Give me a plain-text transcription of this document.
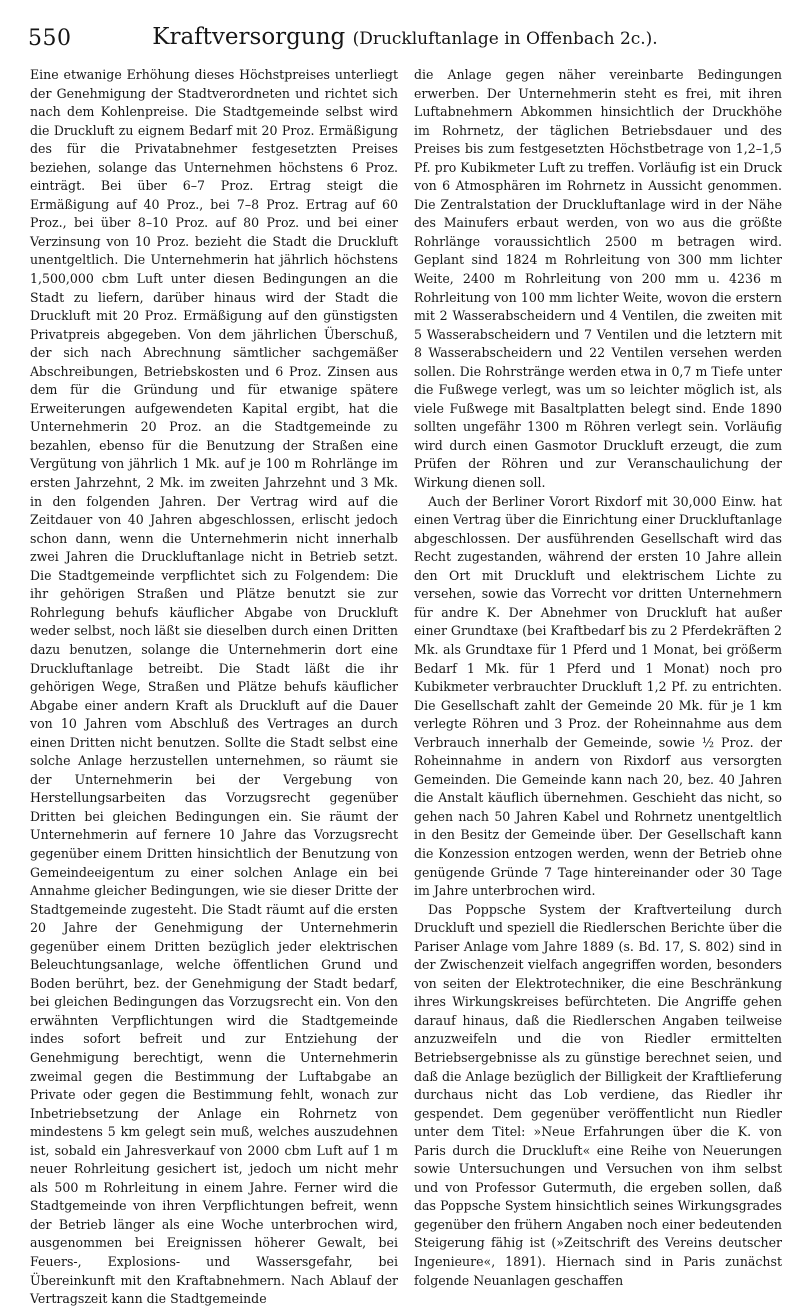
550	Kraftversorgung (Druckluftanlage in Offenbach 2c.).

Eine etwanige Erhöhung dieses Höchstpreises unterliegt der Genehmigung der Stadtverordneten und richtet sich nach dem Kohlenpreise. Die Stadtgemeinde selbst wird die Druckluft zu eignem Bedarf mit 20 Proz. Ermäßigung des für die Privatabnehmer festgesetzten Preises beziehen, solange das Unternehmen höchstens 6 Proz. einträgt. Bei über 6–7 Proz. Ertrag steigt die Ermäßigung auf 40 Proz., bei 7–8 Proz. Ertrag auf 60 Proz., bei über 8–10 Proz. auf 80 Proz. und bei einer Verzinsung von 10 Proz. bezieht die Stadt die Druckluft unentgeltlich. Die Unternehmerin hat jährlich höchstens 1,500,000 cbm Luft unter diesen Bedingungen an die Stadt zu liefern, darüber hinaus wird der Stadt die Druckluft mit 20 Proz. Ermäßigung auf den günstigsten Privatpreis abgegeben. Von dem jährlichen Überschuß, der sich nach Abrechnung sämtlicher sachgemäßer Abschreibungen, Betriebskosten und 6 Proz. Zinsen aus dem für die Gründung und für etwanige spätere Erweiterungen aufgewendeten Kapital ergibt, hat die Unternehmerin 20 Proz. an die Stadtgemeinde zu bezahlen, ebenso für die Benutzung der Straßen eine Vergütung von jährlich 1 Mk. auf je 100 m Rohrlänge im ersten Jahrzehnt, 2 Mk. im zweiten Jahrzehnt und 3 Mk. in den folgenden Jahren. Der Vertrag wird auf die Zeitdauer von 40 Jahren abgeschlossen, erlischt jedoch schon dann, wenn die Unternehmerin nicht innerhalb zwei Jahren die Druckluftanlage nicht in Betrieb setzt. Die Stadtgemeinde verpflichtet sich zu Folgendem: Die ihr gehörigen Straßen und Plätze benutzt sie zur Rohrlegung behufs käuflicher Abgabe von Druckluft weder selbst, noch läßt sie dieselben durch einen Dritten dazu benutzen, solange die Unternehmerin dort eine Druckluftanlage betreibt. Die Stadt läßt die ihr gehörigen Wege, Straßen und Plätze behufs käuflicher Abgabe einer andern Kraft als Druckluft auf die Dauer von 10 Jahren vom Abschluß des Vertrages an durch einen Dritten nicht benutzen. Sollte die Stadt selbst eine solche Anlage herzustellen unternehmen, so räumt sie der Unternehmerin bei der Vergebung von Herstellungsarbeiten das Vorzugsrecht gegenüber Dritten bei gleichen Bedingungen ein. Sie räumt der Unternehmerin auf fernere 10 Jahre das Vorzugsrecht gegenüber einem Dritten hinsichtlich der Benutzung von Gemeindeeigentum zu einer solchen Anlage ein bei Annahme gleicher Bedingungen, wie sie dieser Dritte der Stadtgemeinde zugesteht. Die Stadt räumt auf die ersten 20 Jahre der Genehmigung der Unternehmerin gegenüber einem Dritten bezüglich jeder elektrischen Beleuchtungsanlage, welche öffentlichen Grund und Boden berührt, bez. der Genehmigung der Stadt bedarf, bei gleichen Bedingungen das Vorzugsrecht ein. Von den erwähnten Verpflichtungen wird die Stadtgemeinde indes sofort befreit und zur Entziehung der Genehmigung berechtigt, wenn die Unternehmerin zweimal gegen die Bestimmung der Luftabgabe an Private oder gegen die Bestimmung fehlt, wonach zur Inbetriebsetzung der Anlage ein Rohrnetz von mindestens 5 km gelegt sein muß, welches auszudehnen ist, sobald ein Jahresverkauf von 2000 cbm Luft auf 1 m neuer Rohrleitung gesichert ist, jedoch um nicht mehr als 500 m Rohrleitung in einem Jahre. Ferner wird die Stadtgemeinde von ihren Verpflichtungen befreit, wenn der Betrieb länger als eine Woche unterbrochen wird, ausgenommen bei Ereignissen höherer Gewalt, bei Feuers-, Explosions- und Wassersgefahr, bei Übereinkunft mit den Kraftabnehmern. Nach Ablauf der Vertragszeit kann die Stadtgemeinde

die Anlage gegen näher vereinbarte Bedingungen erwerben. Der Unternehmerin steht es frei, mit ihren Luftabnehmern Abkommen hinsichtlich der Druckhöhe im Rohrnetz, der täglichen Betriebsdauer und des Preises bis zum festgesetzten Höchstbetrage von 1,2–1,5 Pf. pro Kubikmeter Luft zu treffen. Vorläufig ist ein Druck von 6 Atmosphären im Rohrnetz in Aussicht genommen. Die Zentralstation der Druckluftanlage wird in der Nähe des Mainufers erbaut werden, von wo aus die größte Rohrlänge voraussichtlich 2500 m betragen wird. Geplant sind 1824 m Rohrleitung von 300 mm lichter Weite, 2400 m Rohrleitung von 200 mm u. 4236 m Rohrleitung von 100 mm lichter Weite, wovon die erstern mit 2 Wasserabscheidern und 4 Ventilen, die zweiten mit 5 Wasserabscheidern und 7 Ventilen und die letztern mit 8 Wasserabscheidern und 22 Ventilen versehen werden sollen. Die Rohrstränge werden etwa in 0,7 m Tiefe unter die Fußwege verlegt, was um so leichter möglich ist, als viele Fußwege mit Basaltplatten belegt sind. Ende 1890 sollten ungefähr 1300 m Röhren verlegt sein. Vorläufig wird durch einen Gasmotor Druckluft erzeugt, die zum Prüfen der Röhren und zur Veranschaulichung der Wirkung dienen soll.

Auch der Berliner Vorort Rixdorf mit 30,000 Einw. hat einen Vertrag über die Einrichtung einer Druckluftanlage abgeschlossen. Der ausführenden Gesellschaft wird das Recht zugestanden, während der ersten 10 Jahre allein den Ort mit Druckluft und elektrischem Lichte zu versehen, sowie das Vorrecht vor dritten Unternehmern für andre K. Der Abnehmer von Druckluft hat außer einer Grundtaxe (bei Kraftbedarf bis zu 2 Pferdekräften 2 Mk. als Grundtaxe für 1 Pferd und 1 Monat, bei größerm Bedarf 1 Mk. für 1 Pferd und 1 Monat) noch pro Kubikmeter verbrauchter Druckluft 1,2 Pf. zu entrichten. Die Gesellschaft zahlt der Gemeinde 20 Mk. für je 1 km verlegte Röhren und 3 Proz. der Roheinnahme aus dem Verbrauch innerhalb der Gemeinde, sowie ½ Proz. der Roheinnahme in andern von Rixdorf aus versorgten Gemeinden. Die Gemeinde kann nach 20, bez. 40 Jahren die Anstalt käuflich übernehmen. Geschieht das nicht, so gehen nach 50 Jahren Kabel und Rohrnetz unentgeltlich in den Besitz der Gemeinde über. Der Gesellschaft kann die Konzession entzogen werden, wenn der Betrieb ohne genügende Gründe 7 Tage hintereinander oder 30 Tage im Jahre unterbrochen wird.

Das Poppsche System der Kraftverteilung durch Druckluft und speziell die Riedlerschen Berichte über die Pariser Anlage vom Jahre 1889 (s. Bd. 17, S. 802) sind in der Zwischenzeit vielfach angegriffen worden, besonders von seiten der Elektrotechniker, die eine Beschränkung ihres Wirkungskreises befürchteten. Die Angriffe gehen darauf hinaus, daß die Riedlerschen Angaben teilweise anzuzweifeln und die von Riedler ermittelten Betriebsergebnisse als zu günstige berechnet seien, und daß die Anlage bezüglich der Billigkeit der Kraftlieferung durchaus nicht das Lob verdiene, das Riedler ihr gespendet. Dem gegenüber veröffentlicht nun Riedler unter dem Titel: »Neue Erfahrungen über die K. von Paris durch die Druckluft« eine Reihe von Neuerungen sowie Untersuchungen und Versuchen von ihm selbst und von Professor Gutermuth, die ergeben sollen, daß das Poppsche System hinsichtlich seines Wirkungsgrades gegenüber den frühern Angaben noch einer bedeutenden Steigerung fähig ist (»Zeitschrift des Vereins deutscher Ingenieure«, 1891). Hiernach sind in Paris zunächst folgende Neuanlagen geschaffen
